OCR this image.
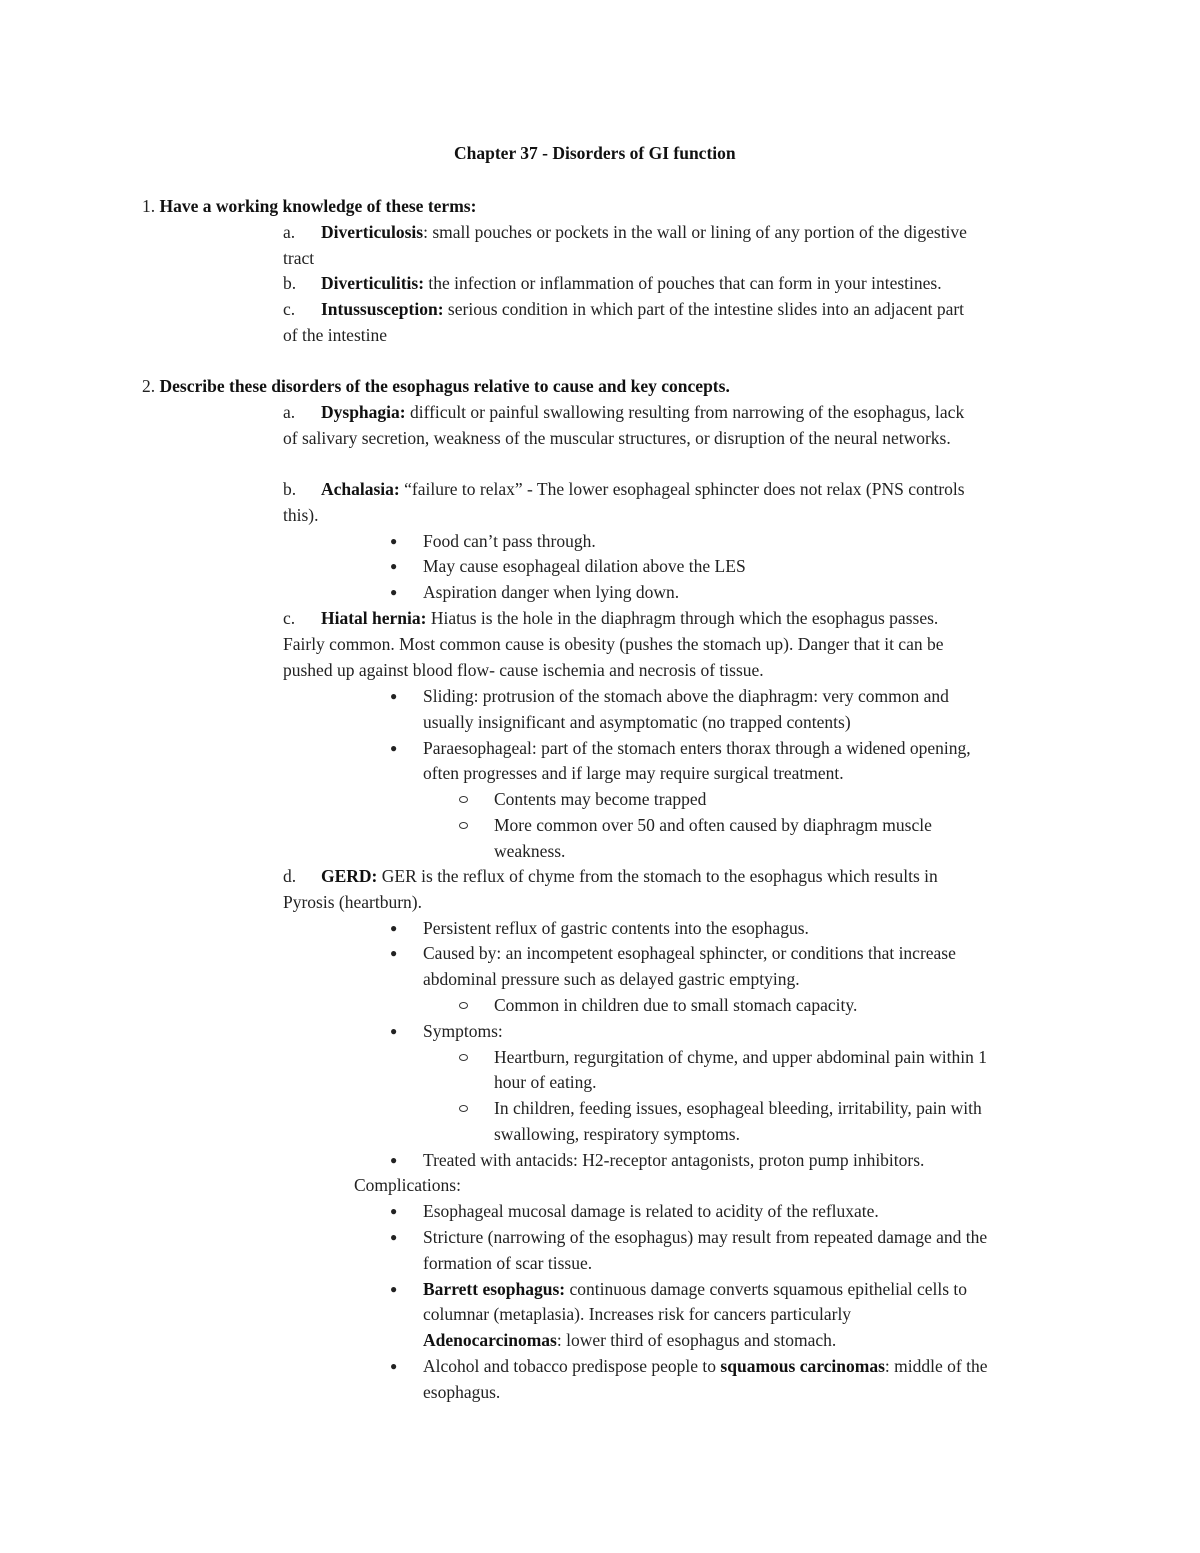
Chapter 37 - Disorders of GI function
1. Have a working knowledge of these terms:
a. Diverticulosis: small pouches or pockets in the wall or lining of any portion of the digestive
tract
b. Diverticulitis: the infection or inflammation of pouches that can form in your intestines.
c. Intussusception: serious condition in which part of the intestine slides into an adjacent part
of the intestine
2. Describe these disorders of the esophagus relative to cause and key concepts.
a. Dysphagia: difficult or painful swallowing resulting from narrowing of the esophagus, lack
of salivary secretion, weakness of the muscular structures, or disruption of the neural networks.
b. Achalasia: “failure to relax” - The lower esophageal sphincter does not relax (PNS controls
this).
● Food can’t pass through.
● May cause esophageal dilation above the LES
● Aspiration danger when lying down.
c. Hiatal hernia: Hiatus is the hole in the diaphragm through which the esophagus passes.
Fairly common. Most common cause is obesity (pushes the stomach up). Danger that it can be
pushed up against blood flow- cause ischemia and necrosis of tissue.
● Sliding: protrusion of the stomach above the diaphragm: very common and
usually insignificant and asymptomatic (no trapped contents)
● Paraesophageal: part of the stomach enters thorax through a widened opening,
often progresses and if large may require surgical treatment.
Contents may become trapped
More common over 50 and often caused by diaphragm muscle
weakness.
d. GERD: GER is the reflux of chyme from the stomach to the esophagus which results in
Pyrosis (heartburn).
● Persistent reflux of gastric contents into the esophagus.
● Caused by: an incompetent esophageal sphincter, or conditions that increase
abdominal pressure such as delayed gastric emptying.
Common in children due to small stomach capacity.
● Symptoms:
Heartburn, regurgitation of chyme, and upper abdominal pain within 1
hour of eating.
In children, feeding issues, esophageal bleeding, irritability, pain with
swallowing, respiratory symptoms.
● Treated with antacids: H2-receptor antagonists, proton pump inhibitors.
Complications:
● Esophageal mucosal damage is related to acidity of the refluxate.
● Stricture (narrowing of the esophagus) may result from repeated damage and the
formation of scar tissue.
● Barrett esophagus: continuous damage converts squamous epithelial cells to
columnar (metaplasia). Increases risk for cancers particularly
Adenocarcinomas: lower third of esophagus and stomach.
● Alcohol and tobacco predispose people to squamous carcinomas: middle of the
esophagus.
